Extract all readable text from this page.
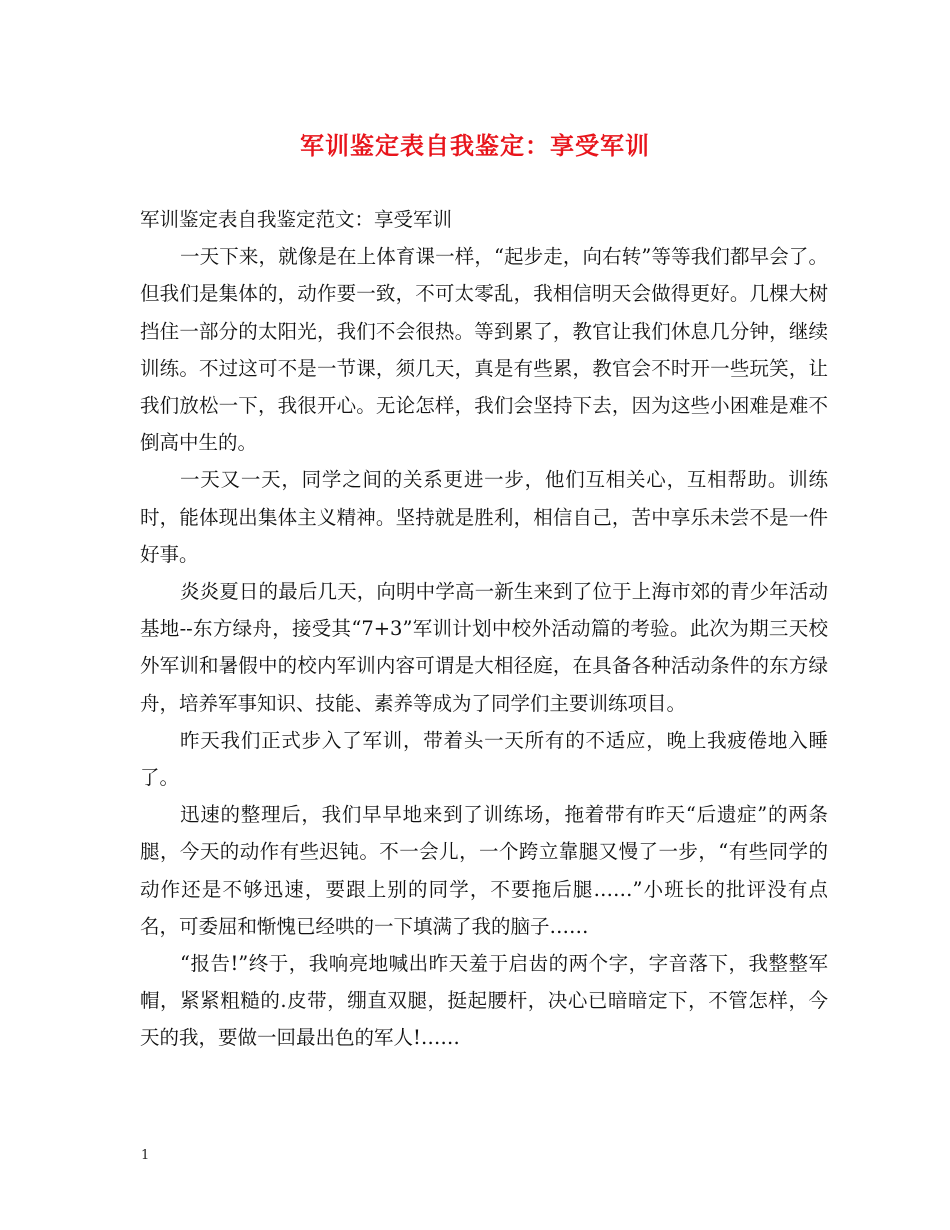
军训鉴定表自我鉴定：享受军训

军训鉴定表自我鉴定范文：享受军训

一天下来，就像是在上体育课一样，“起步走，向右转”等等我们都早会了。但我们是集体的，动作要一致，不可太零乱，我相信明天会做得更好。几棵大树挡住一部分的太阳光，我们不会很热。等到累了，教官让我们休息几分钟，继续训练。不过这可不是一节课，须几天，真是有些累，教官会不时开一些玩笑，让我们放松一下，我很开心。无论怎样，我们会坚持下去，因为这些小困难是难不倒高中生的。

一天又一天，同学之间的关系更进一步，他们互相关心，互相帮助。训练时，能体现出集体主义精神。坚持就是胜利，相信自己，苦中享乐未尝不是一件好事。

炎炎夏日的最后几天，向明中学高一新生来到了位于上海市郊的青少年活动基地--东方绿舟，接受其“7+3”军训计划中校外活动篇的考验。此次为期三天校外军训和暑假中的校内军训内容可谓是大相径庭，在具备各种活动条件的东方绿舟，培养军事知识、技能、素养等成为了同学们主要训练项目。

昨天我们正式步入了军训，带着头一天所有的不适应，晚上我疲倦地入睡了。

迅速的整理后，我们早早地来到了训练场，拖着带有昨天“后遗症”的两条腿，今天的动作有些迟钝。不一会儿，一个跨立靠腿又慢了一步，“有些同学的动作还是不够迅速，要跟上别的同学，不要拖后腿……”小班长的批评没有点名，可委屈和惭愧已经哄的一下填满了我的脑子……

“报告!”终于，我响亮地喊出昨天羞于启齿的两个字，字音落下，我整整军帽，紧紧粗糙的.皮带，绷直双腿，挺起腰杆，决心已暗暗定下，不管怎样，今天的我，要做一回最出色的军人!……

1
